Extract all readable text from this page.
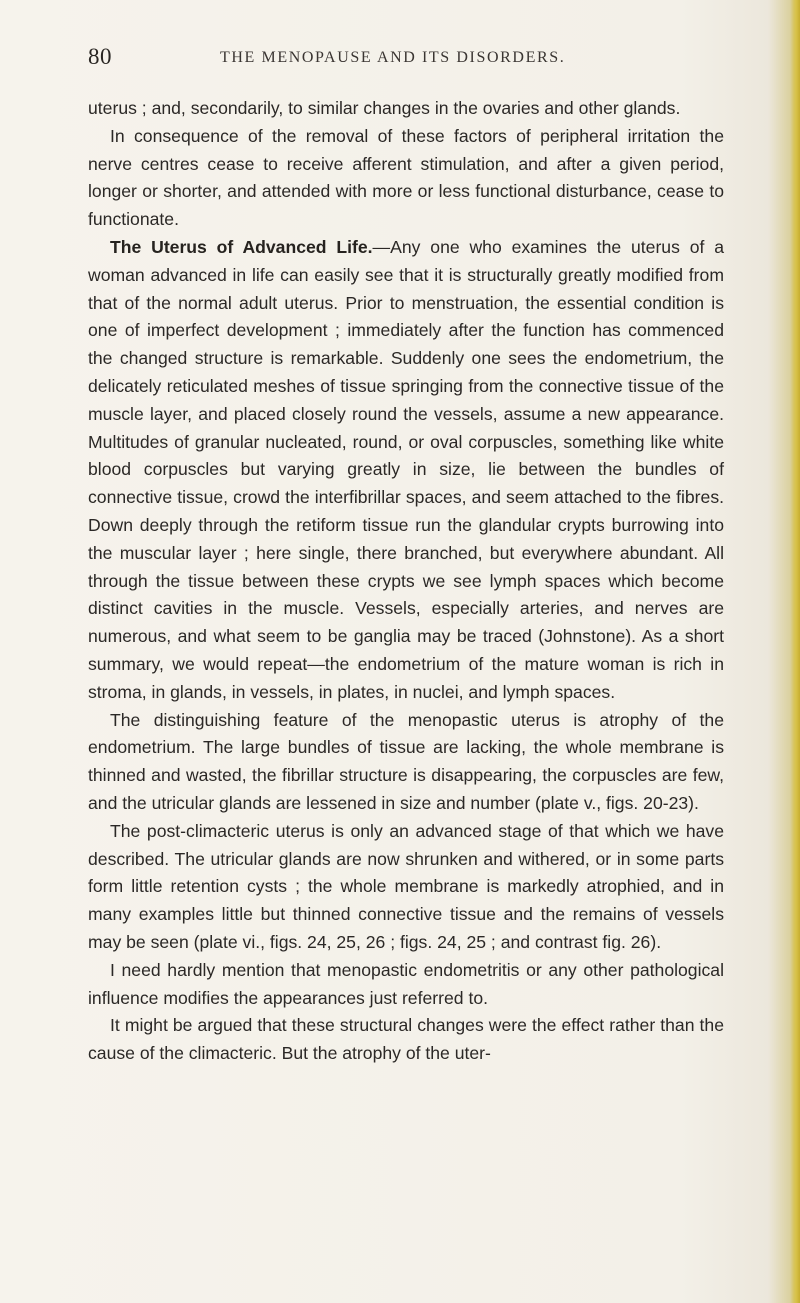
80	THE MENOPAUSE AND ITS DISORDERS.

uterus ; and, secondarily, to similar changes in the ovaries and other glands.

In consequence of the removal of these factors of peripheral irritation the nerve centres cease to receive afferent stimulation, and after a given period, longer or shorter, and attended with more or less functional disturbance, cease to functionate.

The Uterus of Advanced Life.—Any one who examines the uterus of a woman advanced in life can easily see that it is structurally greatly modified from that of the normal adult uterus. Prior to menstruation, the essential condition is one of imperfect development ; immediately after the function has commenced the changed structure is remarkable. Suddenly one sees the endometrium, the delicately reticulated meshes of tissue springing from the connective tissue of the muscle layer, and placed closely round the vessels, assume a new appearance. Multitudes of granular nucleated, round, or oval corpuscles, something like white blood corpuscles but varying greatly in size, lie between the bundles of connective tissue, crowd the interfibrillar spaces, and seem attached to the fibres. Down deeply through the retiform tissue run the glandular crypts burrowing into the muscular layer ; here single, there branched, but everywhere abundant. All through the tissue between these crypts we see lymph spaces which become distinct cavities in the muscle. Vessels, especially arteries, and nerves are numerous, and what seem to be ganglia may be traced (Johnstone). As a short summary, we would repeat—the endometrium of the mature woman is rich in stroma, in glands, in vessels, in plates, in nuclei, and lymph spaces.

The distinguishing feature of the menopastic uterus is atrophy of the endometrium. The large bundles of tissue are lacking, the whole membrane is thinned and wasted, the fibrillar structure is disappearing, the corpuscles are few, and the utricular glands are lessened in size and number (plate v., figs. 20-23).

The post-climacteric uterus is only an advanced stage of that which we have described. The utricular glands are now shrunken and withered, or in some parts form little retention cysts ; the whole membrane is markedly atrophied, and in many examples little but thinned connective tissue and the remains of vessels may be seen (plate vi., figs. 24, 25, 26 ; figs. 24, 25 ; and contrast fig. 26).

I need hardly mention that menopastic endometritis or any other pathological influence modifies the appearances just referred to.

It might be argued that these structural changes were the effect rather than the cause of the climacteric. But the atrophy of the uter-
